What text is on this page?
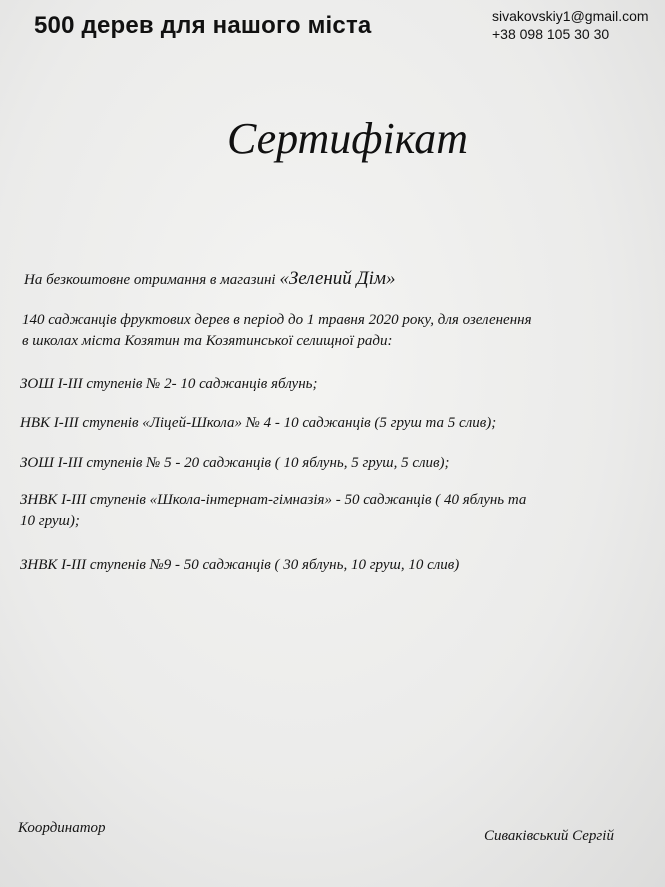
500 дерев для нашого міста	sivakovskiy1@gmail.com
+38 098 105 30 30
Сертифікат
На безкоштовне отримання в магазині «Зелений Дім»
140 саджанців фруктових дерев в період до 1 травня 2020 року, для озеленення
в школах міста Козятин та Козятинської селищної ради:
ЗОШ І-ІІІ ступенів № 2- 10 саджанців яблунь;
НВК І-ІІІ ступенів «Ліцей-Школа» № 4 - 10 саджанців (5 груш та 5 слив);
ЗОШ І-ІІІ ступенів № 5 - 20 саджанців ( 10 яблунь, 5 груш, 5 слив);
ЗНВК І-ІІІ ступенів «Школа-інтернат-гімназія» - 50 саджанців ( 40 яблунь та
10 груш);
ЗНВК І-ІІІ ступенів №9 - 50 саджанців ( 30 яблунь, 10 груш, 10 слив)
Координатор	Сиваківський Сергій
